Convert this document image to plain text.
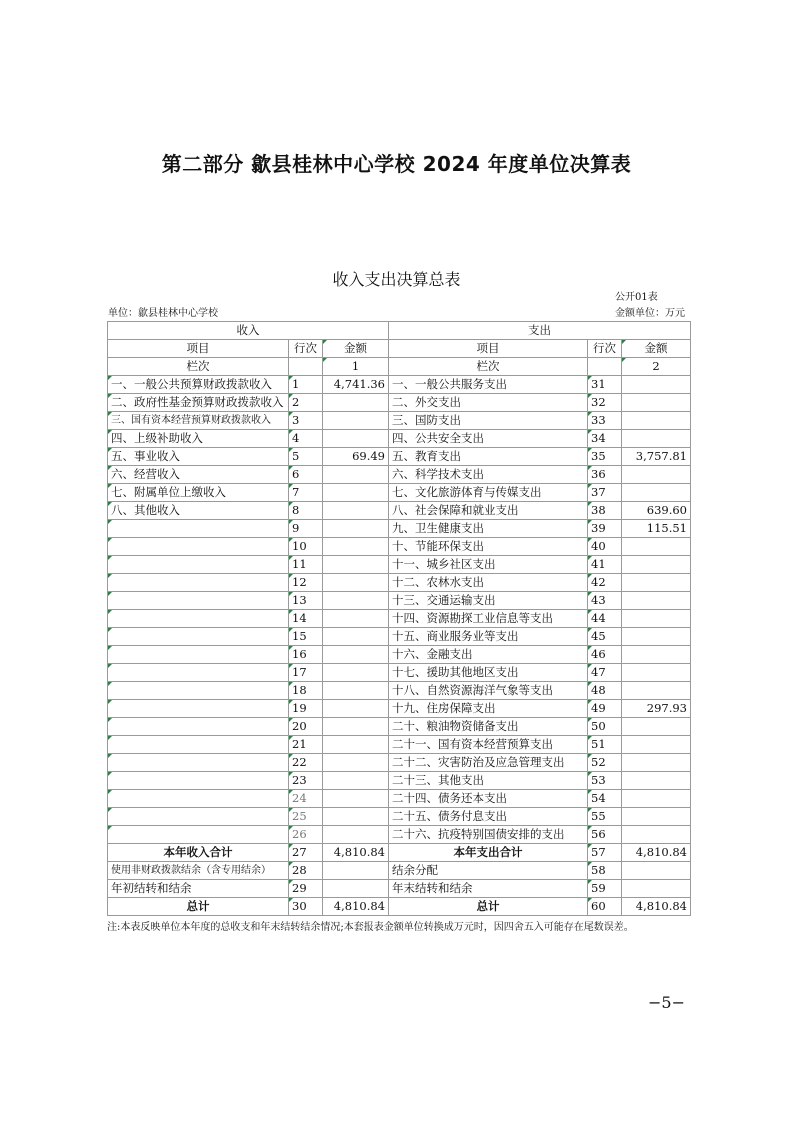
第二部分 歙县桂林中心学校 2024 年度单位决算表
收入支出决算总表
公开01表
单位：歙县桂林中心学校	金额单位：万元
收入			支出		
项目	行次	金额	项目	行次	金额
栏次		1	栏次		2
一、一般公共预算财政拨款收入	1	4,741.36	一、一般公共服务支出	31	
二、政府性基金预算财政拨款收入	2		二、外交支出	32	
三、国有资本经营预算财政拨款收入	3		三、国防支出	33	
四、上级补助收入	4		四、公共安全支出	34	
五、事业收入	5	69.49	五、教育支出	35	3,757.81
六、经营收入	6		六、科学技术支出	36	
七、附属单位上缴收入	7		七、文化旅游体育与传媒支出	37	
八、其他收入	8		八、社会保障和就业支出	38	639.60
	9		九、卫生健康支出	39	115.51
	10		十、节能环保支出	40	
	11		十一、城乡社区支出	41	
	12		十二、农林水支出	42	
	13		十三、交通运输支出	43	
	14		十四、资源勘探工业信息等支出	44	
	15		十五、商业服务业等支出	45	
	16		十六、金融支出	46	
	17		十七、援助其他地区支出	47	
	18		十八、自然资源海洋气象等支出	48	
	19		十九、住房保障支出	49	297.93
	20		二十、粮油物资储备支出	50	
	21		二十一、国有资本经营预算支出	51	
	22		二十二、灾害防治及应急管理支出	52	
	23		二十三、其他支出	53	
	24		二十四、债务还本支出	54	
	25		二十五、债务付息支出	55	
	26		二十六、抗疫特别国债安排的支出	56	
本年收入合计	27	4,810.84	本年支出合计	57	4,810.84
使用非财政拨款结余（含专用结余）	28		结余分配	58	
年初结转和结余	29		年末结转和结余	59	
总计	30	4,810.84	总计	60	4,810.84
注:本表反映单位本年度的总收支和年末结转结余情况;本套报表金额单位转换成万元时，因四舍五入可能存在尾数误差。
−5−
